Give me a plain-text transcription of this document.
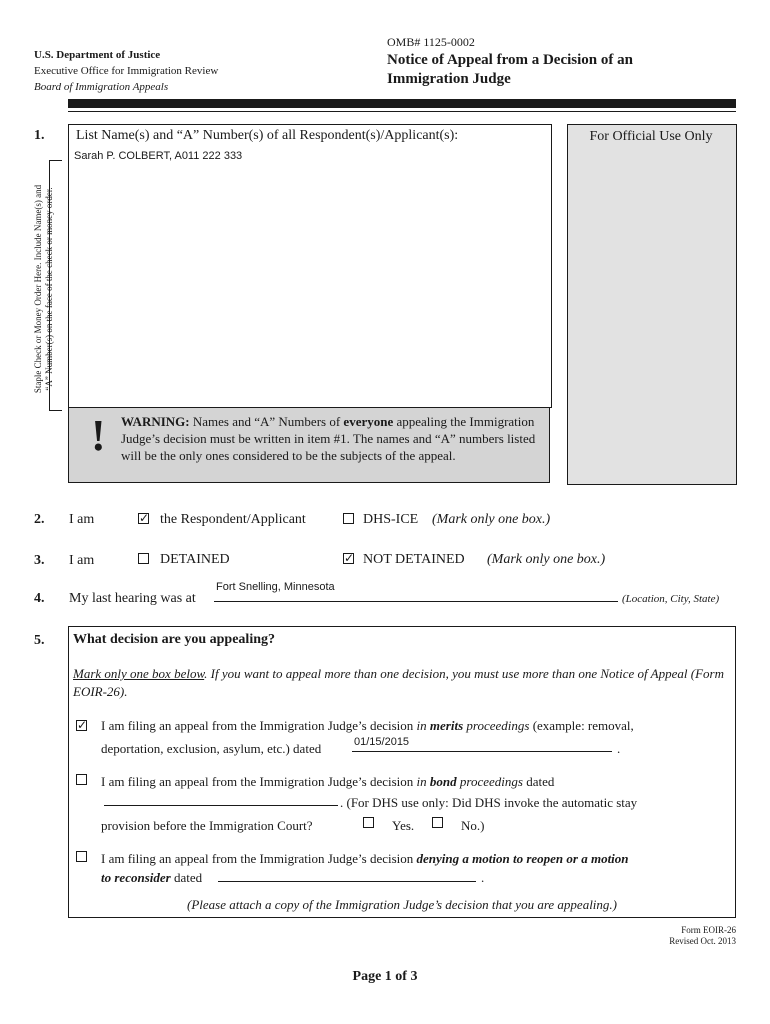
U.S. Department of Justice
Executive Office for Immigration Review
Board of Immigration Appeals
OMB# 1125-0002
Notice of Appeal from a Decision of an
Immigration Judge
1. List Name(s) and “A” Number(s) of all Respondent(s)/Applicant(s):
Sarah P. COLBERT, A011 222 333
For Official Use Only
! WARNING: Names and “A” Numbers of everyone appealing the Immigration Judge’s decision must be written in item #1. The names and “A” numbers listed will be the only ones considered to be the subjects of the appeal.
Staple Check or Money Order Here. Include Name(s) and “A” Number(s) on the face of the check or money order.
2. I am	✓ the Respondent/Applicant	DHS-ICE (Mark only one box.)
3. I am	DETAINED	✓ NOT DETAINED (Mark only one box.)
4. My last hearing was at
Fort Snelling, Minnesota
(Location, City, State)
5. What decision are you appealing?
Mark only one box below. If you want to appeal more than one decision, you must use more than one Notice of Appeal (Form EOIR-26).
✓ I am filing an appeal from the Immigration Judge’s decision in merits proceedings (example: removal,
deportation, exclusion, asylum, etc.) dated	01/15/2015	.
I am filing an appeal from the Immigration Judge’s decision in bond proceedings dated
. (For DHS use only: Did DHS invoke the automatic stay
provision before the Immigration Court?	Yes.	No.)
I am filing an appeal from the Immigration Judge’s decision denying a motion to reopen or a motion
to reconsider dated	.
(Please attach a copy of the Immigration Judge’s decision that you are appealing.)
Form EOIR-26
Revised Oct. 2013
Page 1 of 3
